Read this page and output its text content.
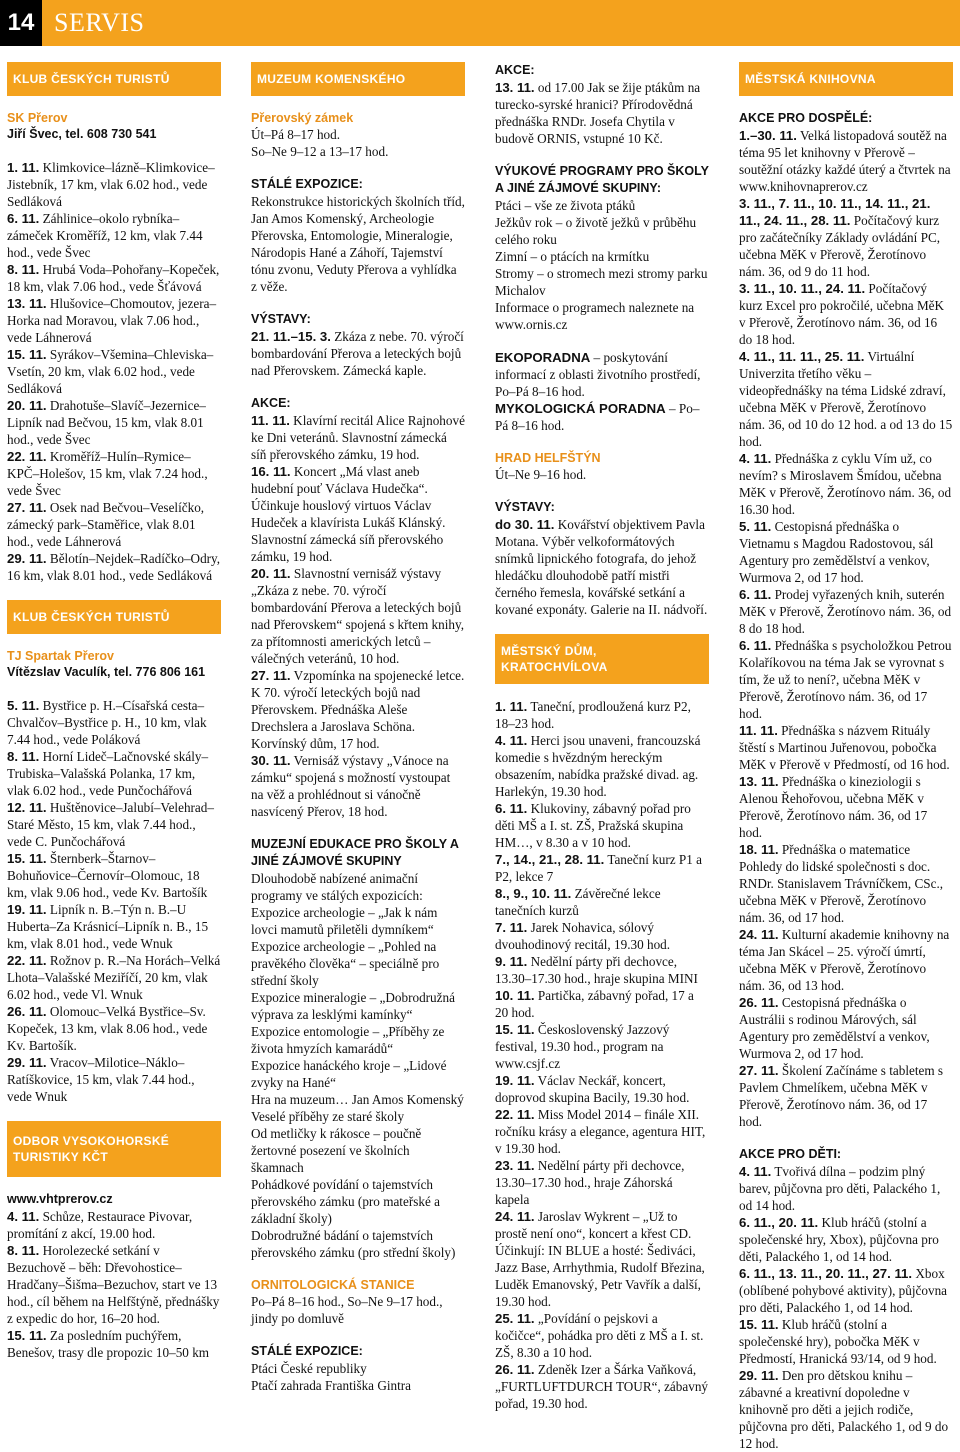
14 SERVIS
KLUB ČESKÝCH TURISTŮ
SK Přerov
Jiří Švec, tel. 608 730 541
1. 11. Klimkovice–lázně–Klimkovice–Jistebník, 17 km, vlak 6.02 hod., vede Sedláková
6. 11. Záhlinice–okolo rybníka–zámeček Kroměříž, 12 km, vlak 7.44 hod., vede Švec
8. 11. Hrubá Voda–Pohořany–Kopeček, 18 km, vlak 7.06 hod., vede Šťávová
13. 11. Hlušovice–Chomoutov, jezera–Horka nad Moravou, vlak 7.06 hod., vede Láhnerová
15. 11. Syrákov–Všemina–Chleviska–Vsetín, 20 km, vlak 6.02 hod., vede Sedláková
20. 11. Drahotuše–Slavíč–Jezernice–Lipník nad Bečvou, 15 km, vlak 8.01 hod., vede Švec
22. 11. Kroměříž–Hulín–Rymice–KPČ–Holešov, 15 km, vlak 7.24 hod., vede Švec
27. 11. Osek nad Bečvou–Veselíčko, zámecký park–Staměřice, vlak 8.01 hod., vede Láhnerová
29. 11. Bělotín–Nejdek–Radíčko–Odry, 16 km, vlak 8.01 hod., vede Sedláková
KLUB ČESKÝCH TURISTŮ
TJ Spartak Přerov
Vítězslav Vaculík, tel. 776 806 161
5. 11. Bystřice p. H.–Císařská cesta–Chvalčov–Bystřice p. H., 10 km, vlak 7.44 hod., vede Poláková
8. 11. Horní Lideč–Lačnovské skály–Trubiska–Valašská Polanka, 17 km, vlak 6.02 hod., vede Punčochářová
12. 11. Huštěnovice–Jalubí–Velehrad–Staré Město, 15 km, vlak 7.44 hod., vede C. Punčochářová
15. 11. Šternberk–Štarnov–Bohuňovice–Černovír–Olomouc, 18 km, vlak 9.06 hod., vede Kv. Bartošík
19. 11. Lipník n. B.–Týn n. B.–U Huberta–Za Krásnicí–Lipník n. B., 15 km, vlak 8.01 hod., vede Wnuk
22. 11. Rožnov p. R.–Na Horách–Velká Lhota–Valašské Meziříčí, 20 km, vlak 6.02 hod., vede Vl. Wnuk
26. 11. Olomouc–Velká Bystřice–Sv. Kopeček, 13 km, vlak 8.06 hod., vede Kv. Bartošík.
29. 11. Vracov–Milotice–Náklo–Ratíškovice, 15 km, vlak 7.44 hod., vede Wnuk
ODBOR VYSOKOHORSKÉ TURISTIKY KČT
www.vhtprerov.cz
4. 11. Schůze, Restaurace Pivovar, promítání z akcí, 19.00 hod.
8. 11. Horolezecké setkání v Bezuchově – běh: Dřevohostice–Hradčany–Šišma–Bezuchov, start ve 13 hod., cíl během na Helfštýně, přednášky z expedic do hor, 16–20 hod.
15. 11. Za posledním puchýřem, Benešov, trasy dle propozic 10–50 km
MUZEUM KOMENSKÉHO
Přerovský zámek
Út–Pá 8–17 hod.
So–Ne 9–12 a 13–17 hod.
STÁLÉ EXPOZICE:
Rekonstrukce historických školních tříd, Jan Amos Komenský, Archeologie Přerovska, Entomologie, Mineralogie, Národopis Hané a Záhoří, Tajemství tónu zvonu, Veduty Přerova a vyhlídka z věže.
VÝSTAVY:
21. 11.–15. 3. Zkáza z nebe. 70. výročí bombardování Přerova a leteckých bojů nad Přerovskem. Zámecká kaple.
AKCE:
11. 11. Klavírní recitál Alice Rajnohové ke Dni veteránů. Slavnostní zámecká síň přerovského zámku, 19 hod.
16. 11. Koncert „Má vlast aneb hudební pouť Václava Hudečka“. Účinkuje houslový virtuos Václav Hudeček a klavírista Lukáš Klánský. Slavnostní zámecká síň přerovského zámku, 19 hod.
20. 11. Slavnostní vernisáž výstavy „Zkáza z nebe. 70. výročí bombardování Přerova a leteckých bojů nad Přerovskem“ spojená s křtem knihy, za přítomnosti amerických letců – válečných veteránů, 10 hod.
27. 11. Vzpomínka na spojenecké letce. K 70. výročí leteckých bojů nad Přerovskem. Přednáška Aleše Drechslera a Jaroslava Schöna. Korvínský dům, 17 hod.
30. 11. Vernisáž výstavy „Vánoce na zámku“ spojená s možností vystoupat na věž a prohlédnout si vánočně nasvícený Přerov, 18 hod.
MUZEJNÍ EDUKACE PRO ŠKOLY A JINÉ ZÁJMOVÉ SKUPINY
Dlouhodobě nabízené animační programy ve stálých expozicích:
Expozice archeologie – „Jak k nám lovci mamutů přiletěli dymníkem“
Expozice archeologie – „Pohled na pravěkého člověka“ – speciálně pro střední školy
Expozice mineralogie – „Dobrodružná výprava za lesklými kamínky“
Expozice entomologie – „Příběhy ze života hmyzích kamarádů“
Expozice hanáckého kroje – „Lidové zvyky na Hané“
Hra na muzeum… Jan Amos Komenský
Veselé příběhy ze staré školy
Od metličky k rákosce – poučně žertovné posezení ve školních škamnach
Pohádkové povídání o tajemstvích přerovského zámku (pro mateřské a základní školy)
Dobrodružné bádání o tajemstvích přerovského zámku (pro střední školy)
ORNITOLOGICKÁ STANICE
Po–Pá 8–16 hod., So–Ne 9–17 hod., jindy po domluvě
STÁLÉ EXPOZICE:
Ptáci České republiky
Ptačí zahrada Františka Gintra
AKCE:
13. 11. od 17.00 Jak se žije ptákům na turecko-syrské hranici? Přírodovědná přednáška RNDr. Josefa Chytila v budově ORNIS, vstupné 10 Kč.
VÝUKOVÉ PROGRAMY PRO ŠKOLY A JINÉ ZÁJMOVÉ SKUPINY:
Ptáci – vše ze života ptáků
Ježkův rok – o životě ježků v průběhu celého roku
Zimní – o ptácích na krmítku
Stromy – o stromech mezi stromy parku Michalov
Informace o programech naleznete na www.ornis.cz
EKOPORADNA – poskytování informací z oblasti životního prostředí, Po–Pá 8–16 hod.
MYKOLOGICKÁ PORADNA – Po–Pá 8–16 hod.
HRAD HELFŠTÝN
Út–Ne 9–16 hod.
VÝSTAVY:
do 30. 11. Kovářství objektivem Pavla Motana. Výběr velkoformátových snímků lipnického fotografa, do jehož hledáčku dlouhodobě patří mistři černého řemesla, kovářské setkání a kované exponáty. Galerie na II. nádvoří.
MĚSTSKÝ DŮM, KRATOCHVÍLOVA
1. 11. Taneční, prodloužená kurz P2, 18–23 hod.
4. 11. Herci jsou unaveni, francouzská komedie s hvězdným hereckým obsazením, nabídka pražské divad. ag. Harlekýn, 19.30 hod.
6. 11. Klukoviny, zábavný pořad pro děti MŠ a I. st. ZŠ, Pražská skupina HM…, v 8.30 a v 10 hod.
7., 14., 21., 28. 11. Taneční kurz P1 a P2, lekce 7
8., 9., 10. 11. Závěrečné lekce tanečních kurzů
7. 11. Jarek Nohavica, sólový dvouhodinový recitál, 19.30 hod.
9. 11. Nedělní párty při dechovce, 13.30–17.30 hod., hraje skupina MINI
10. 11. Partička, zábavný pořad, 17 a 20 hod.
15. 11. Československý Jazzový festival, 19.30 hod., program na www.csjf.cz
19. 11. Václav Neckář, koncert, doprovod skupina Bacily, 19.30 hod.
22. 11. Miss Model 2014 – finále XII. ročníku krásy a elegance, agentura HIT, v 19.30 hod.
23. 11. Nedělní párty při dechovce, 13.30–17.30 hod., hraje Záhorská kapela
24. 11. Jaroslav Wykrent – „Už to prostě není ono“, koncert a křest CD. Účinkují: IN BLUE a hosté: Šediváci, Jazz Base, Arrhythmia, Rudolf Březina, Luděk Emanovský, Petr Vavřík a další, 19.30 hod.
25. 11. „Povídání o pejskovi a kočičce“, pohádka pro děti z MŠ a I. st. ZŠ, 8.30 a 10 hod.
26. 11. Zdeněk Izer a Šárka Vaňková, „FURTLUFTDURCH TOUR“, zábavný pořad, 19.30 hod.
MĚSTSKÁ KNIHOVNA
AKCE PRO DOSPĚLÉ:
1.–30. 11. Velká listopadová soutěž na téma 95 let knihovny v Přerově – soutěžní otázky každé úterý a čtvrtek na www.knihovnaprerov.cz
3. 11., 7. 11., 10. 11., 14. 11., 21. 11., 24. 11., 28. 11. Počítačový kurz pro začátečníky Základy ovládání PC, učebna MěK v Přerově, Žerotínovo nám. 36, od 9 do 11 hod.
3. 11., 10. 11., 24. 11. Počítačový kurz Excel pro pokročilé, učebna MěK v Přerově, Žerotínovo nám. 36, od 16 do 18 hod.
4. 11., 11. 11., 25. 11. Virtuální Univerzita třetího věku – videopřednášky na téma Lidské zdraví, učebna MěK v Přerově, Žerotínovo nám. 36, od 10 do 12 hod. a od 13 do 15 hod.
4. 11. Přednáška z cyklu Vím už, co nevím? s Miroslavem Šmídou, učebna MěK v Přerově, Žerotínovo nám. 36, od 16.30 hod.
5. 11. Cestopisná přednáška o Vietnamu s Magdou Radostovou, sál Agentury pro zemědělství a venkov, Wurmova 2, od 17 hod.
6. 11. Prodej vyřazených knih, suterén MěK v Přerově, Žerotínovo nám. 36, od 8 do 18 hod.
6. 11. Přednáška s psycholožkou Petrou Kolaříkovou na téma Jak se vyrovnat s tím, že už to není?, učebna MěK v Přerově, Žerotínovo nám. 36, od 17 hod.
11. 11. Přednáška s názvem Rituály štěstí s Martinou Juřenovou, pobočka MěK v Přerově v Předmostí, od 16 hod.
13. 11. Přednáška o kineziologii s Alenou Řehořovou, učebna MěK v Přerově, Žerotínovo nám. 36, od 17 hod.
18. 11. Přednáška o matematice Pohledy do lidské společnosti s doc. RNDr. Stanislavem Trávníčkem, CSc., učebna MěK v Přerově, Žerotínovo nám. 36, od 17 hod.
24. 11. Kulturní akademie knihovny na téma Jan Skácel – 25. výročí úmrtí, učebna MěK v Přerově, Žerotínovo nám. 36, od 13 hod.
26. 11. Cestopisná přednáška o Austrálii s rodinou Márových, sál Agentury pro zemědělství a venkov, Wurmova 2, od 17 hod.
27. 11. Školení Začínáme s tabletem s Pavlem Chmelíkem, učebna MěK v Přerově, Žerotínovo nám. 36, od 17 hod.
AKCE PRO DĚTI:
4. 11. Tvořivá dílna – podzim plný barev, půjčovna pro děti, Palackého 1, od 14 hod.
6. 11., 20. 11. Klub hráčů (stolní a společenské hry, Xbox), půjčovna pro děti, Palackého 1, od 14 hod.
6. 11., 13. 11., 20. 11., 27. 11. Xbox (oblíbené pohybové aktivity), půjčovna pro děti, Palackého 1, od 14 hod.
15. 11. Klub hráčů (stolní a společenské hry), pobočka MěK v Předmostí, Hranická 93/14, od 9 hod.
29. 11. Den pro dětskou knihu – zábavné a kreativní dopoledne v knihovně pro děti a jejich rodiče, půjčovna pro děti, Palackého 1, od 9 do 12 hod.
